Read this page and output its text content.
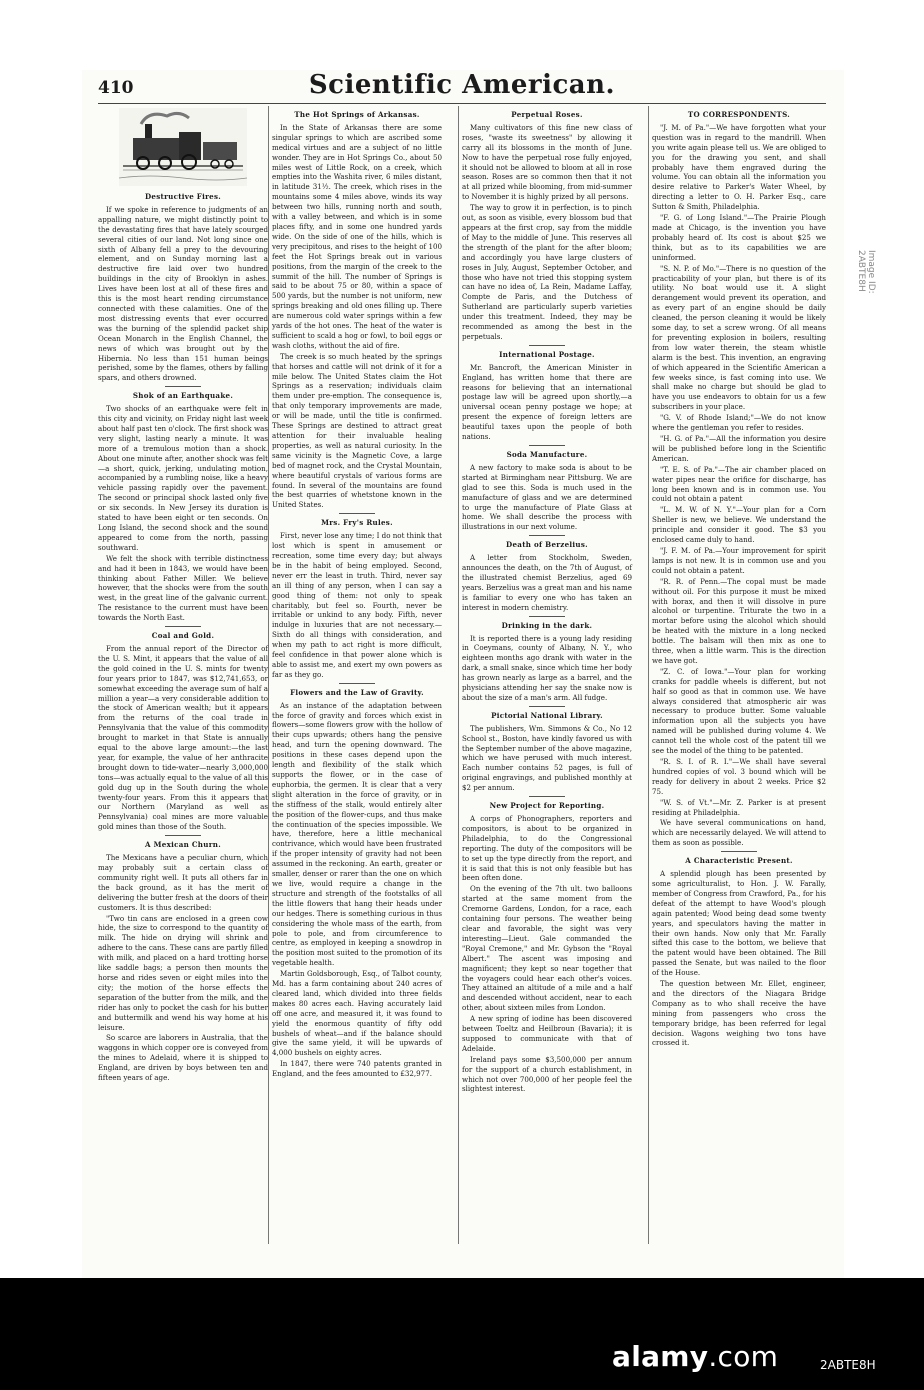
410	Scientific American.
Destructive Fires.

If we spoke in reference to judgments of an appalling nature, we might distinctly point to the devastating fires that have lately scourged several cities of our land. Not long since one sixth of Albany fell a prey to the devouring element, and on Sunday morning last a destructive fire laid over two hundred buildings in the city of Brooklyn in ashes. Lives have been lost at all of these fires and this is the most heart rending circumstance connected with these calamities. One of the most distressing events that ever occurred was the burning of the splendid packet ship Ocean Monarch in the English Channel, the news of which was brought out by the Hibernia. No less than 151 human beings perished, some by the flames, others by falling spars, and others drowned.

Shok of an Earthquake.

Two shocks of an earthquake were felt in this city and vicinity, on Friday night last week about half past ten o'clock. The first shock was very slight, lasting nearly a minute. It was more of a tremulous motion than a shock. About one minute after, another shock was felt—a short, quick, jerking, undulating motion, accompanied by a rumbling noise, like a heavy vehicle passing rapidly over the pavement. The second or principal shock lasted only five or six seconds. In New Jersey its duration is stated to have been eight or ten seconds. On Long Island, the second shock and the sound appeared to come from the north, passing southward.

We felt the shock with terrible distinctness and had it been in 1843, we would have been thinking about Father Miller. We believe however, that the shocks were from the south west, in the great line of the galvanic current. The resistance to the current must have been towards the North East.

Coal and Gold.

From the annual report of the Director of the U. S. Mint, it appears that the value of all the gold coined in the U. S. mints for twenty four years prior to 1847, was $12,741,653, or somewhat exceeding the average sum of half a million a year—a very considerable addition to the stock of American wealth; but it appears from the returns of the coal trade in Pennsylvania that the value of this commodity brought to market in that State is annually equal to the above large amount:—the last year, for example, the value of her anthracite brought down to tide-water—nearly 3,000,000 tons—was actually equal to the value of all this gold dug up in the South during the whole twenty-four years. From this it appears that our Northern (Maryland as well as Pennsylvania) coal mines are more valuable gold mines than those of the South.

A Mexican Churn.

The Mexicans have a peculiar churn, which may probably suit a certain class of community right well. It puts all others far in the back ground, as it has the merit of delivering the butter fresh at the doors of their customers. It is thus described:

"Two tin cans are enclosed in a green cow hide, the size to correspond to the quantity of milk. The hide on drying will shrink and adhere to the cans. These cans are partly filled with milk, and placed on a hard trotting horse like saddle bags; a person then mounts the horse and rides seven or eight miles into the city; the motion of the horse effects the separation of the butter from the milk, and the rider has only to pocket the cash for his butter and buttermilk and wend his way home at his leisure.

So scarce are laborers in Australia, that the waggons in which copper ore is conveyed from the mines to Adelaid, where it is shipped to England, are driven by boys between ten and fifteen years of age.

The Hot Springs of Arkansas.

In the State of Arkansas there are some singular springs to which are ascribed some medical virtues and are a subject of no little wonder. They are in Hot Springs Co., about 50 miles west of Little Rock, on a creek, which empties into the Washita river, 6 miles distant, in latitude 31½. The creek, which rises in the mountains some 4 miles above, winds its way between two hills, running north and south, with a valley between, and which is in some places fifty, and in some one hundred yards wide. On the side of one of the hills, which is very precipitous, and rises to the height of 100 feet the Hot Springs break out in various positions, from the margin of the creek to the summit of the hill. The number of Springs is said to be about 75 or 80, within a space of 500 yards, but the number is not uniform, new springs breaking and old ones filling up. There are numerous cold water springs within a few yards of the hot ones. The heat of the water is sufficient to scald a hog or fowl, to boil eggs or wash cloths, without the aid of fire.

The creek is so much heated by the springs that horses and cattle will not drink of it for a mile below. The United States claim the Hot Springs as a reservation; individuals claim them under pre-emption. The consequence is, that only temporary improvements are made, or will be made, until the title is confirmed. These Springs are destined to attract great attention for their invaluable healing properties, as well as natural curiosity. In the same vicinity is the Magnetic Cove, a large bed of magnet rock, and the Crystal Mountain, where beautiful crystals of various forms are found. In several of the mountains are found the best quarries of whetstone known in the United States.

Mrs. Fry's Rules.

First, never lose any time; I do not think that lost which is spent in amusement or recreation, some time every day; but always be in the habit of being employed. Second, never err the least in truth. Third, never say an ill thing of any person, when I can say a good thing of them: not only to speak charitably, but feel so. Fourth, never be irritable or unkind to any body. Fifth, never indulge in luxuries that are not necessary.—Sixth do all things with consideration, and when my path to act right is more difficult, feel confidence in that power alone which is able to assist me, and exert my own powers as far as they go.

Flowers and the Law of Gravity.

As an instance of the adaptation between the force of gravity and forces which exist in flowers—some flowers grow with the hollow of their cups upwards; others hang the pensive head, and turn the opening downward. The positions in these cases depend upon the length and flexibility of the stalk which supports the flower, or in the case of euphorbia, the germen. It is clear that a very slight alteration in the force of gravity, or in the stiffness of the stalk, would entirely alter the position of the flower-cups, and thus make the continuation of the species impossible. We have, therefore, here a little mechanical contrivance, which would have been frustrated if the proper intensity of gravity had not been assumed in the reckoning. An earth, greater or smaller, denser or rarer than the one on which we live, would require a change in the structure and strength of the footstalks of all the little flowers that hang their heads under our hedges. There is something curious in thus considering the whole mass of the earth, from pole to pole, and from circumference to centre, as employed in keeping a snowdrop in the position most suited to the promotion of its vegetable health.

Martin Goldsborough, Esq., of Talbot county, Md. has a farm containing about 240 acres of cleared land, which divided into three fields makes 80 acres each. Having accurately laid off one acre, and measured it, it was found to yield the enormous quantity of fifty odd bushels of wheat—and if the balance should give the same yield, it will be upwards of 4,000 bushels on eighty acres.

In 1847, there were 740 patents granted in England, and the fees amounted to £32,977.

Perpetual Roses.

Many cultivators of this fine new class of roses, "waste its sweetness" by allowing it carry all its blossoms in the month of June. Now to have the perpetual rose fully enjoyed, it should not be allowed to bloom at all in rose season. Roses are so common then that it not at all prized while blooming, from mid-summer to November it is highly prized by all persons.

The way to grow it in perfection, is to pinch out, as soon as visible, every blossom bud that appears at the first crop, say from the middle of May to the middle of June. This reserves all the strength of the plant for the after bloom; and accordingly you have large clusters of roses in July, August, September October, and those who have not tried this stopping system can have no idea of, La Rein, Madame Laffay, Compte de Paris, and the Dutchess of Sutherland are particularly superb varieties under this treatment. Indeed, they may be recommended as among the best in the perpetuals.

International Postage.

Mr. Bancroft, the American Minister in England, has written home that there are reasons for believing that an international postage law will be agreed upon shortly,—a universal ocean penny postage we hope; at present the expence of foreign letters are beautiful taxes upon the people of both nations.

Soda Manufacture.

A new factory to make soda is about to be started at Birmingham near Pittsburg. We are glad to see this. Soda is much used in the manufacture of glass and we are determined to urge the manufacture of Plate Glass at home. We shall describe the process with illustrations in our next volume.

Death of Berzelius.

A letter from Stockholm, Sweden, announces the death, on the 7th of August, of the illustrated chemist Berzelius, aged 69 years. Berzelius was a great man and his name is familiar to every one who has taken an interest in modern chemistry.

Drinking in the dark.

It is reported there is a young lady residing in Coeymans, county of Albany, N. Y., who eighteen months ago drank with water in the dark, a small snake, since which time her body has grown nearly as large as a barrel, and the physicians attending her say the snake now is about the size of a man's arm. All fudge.

Pictorial National Library.

The publishers, Wm. Simmons & Co., No 12 School st., Boston, have kindly favored us with the September number of the above magazine, which we have perused with much interest. Each number contains 52 pages, is full of original engravings, and published monthly at $2 per annum.

New Project for Reporting.

A corps of Phonographers, reporters and compositors, is about to be organized in Philadelphia, to do the Congressional reporting. The duty of the compositors will be to set up the type directly from the report, and it is said that this is not only feasible but has been often done.

On the evening of the 7th ult. two balloons started at the same moment from the Cremorne Gardens, London, for a race, each containing four persons. The weather being clear and favorable, the sight was very interesting—Lieut. Gale commanded the "Royal Cremone," and Mr. Gybson the "Royal Albert." The ascent was imposing and magnificent; they kept so near together that the voyagers could hear each other's voices. They attained an altitude of a mile and a half and descended without accident, near to each other, about sixteen miles from London.

A new spring of iodine has been discovered between Toeltz and Heilbroun (Bavaria); it is supposed to communicate with that of Adelaide.

Ireland pays some $3,500,000 per annum for the support of a church establishment, in which not over 700,000 of her people feel the slightest interest.

TO CORRESPONDENTS.

"J. M. of Pa."—We have forgotten what your question was in regard to the mandrill. When you write again please tell us. We are obliged to you for the drawing you sent, and shall probably have them engraved during the volume. You can obtain all the information you desire relative to Parker's Water Wheel, by directing a letter to O. H. Parker Esq., care Sutton & Smith, Philadelphia.

"F. G. of Long Island."—The Prairie Plough made at Chicago, is the invention you have probably heard of. Its cost is about $25 we think, but as to its capabilities we are uninformed.

"S. N. P. of Mo."—There is no question of the practicability of your plan, but there is of its utility. No boat would use it. A slight derangement would prevent its operation, and as every part of an engine should be daily cleaned, the person cleaning it would be likely some day, to set a screw wrong. Of all means for preventing explosion in boilers, resulting from low water therein, the steam whistle alarm is the best. This invention, an engraving of which appeared in the Scientific American a few weeks since, is fast coming into use. We shall make no charge but should be glad to have you use endeavors to obtain for us a few subscribers in your place.

"G. V. of Rhode Island;"—We do not know where the gentleman you refer to resides.

"H. G. of Pa."—All the information you desire will be published before long in the Scientific American.

"T. E. S. of Pa."—The air chamber placed on water pipes near the orifice for discharge, has long been known and is in common use. You could not obtain a patent

"L. M. W. of N. Y."—Your plan for a Corn Sheller is new, we believe. We understand the principle and consider it good. The $3 you enclosed came duly to hand.

"J. F. M. of Pa.—Your improvement for spirit lamps is not new. It is in common use and you could not obtain a patent.

"R. R. of Penn.—The copal must be made without oil. For this purpose it must be mixed with borax, and then it will dissolve in pure alcohol or turpentine. Triturate the two in a mortar before using the alcohol which should be heated with the mixture in a long necked bottle. The balsam will then mix as one to three, when a little warm. This is the direction we have got.

"Z. C. of Iowa."—Your plan for working cranks for paddle wheels is different, but not half so good as that in common use. We have always considered that atmospheric air was necessary to produce butter. Some valuable information upon all the subjects you have named will be published during volume 4. We cannot tell the whole cost of the patent till we see the model of the thing to be patented.

"R. S. I. of R. I."—We shall have several hundred copies of vol. 3 bound which will be ready for delivery in about 2 weeks. Price $2 75.

"W. S. of Vt."—Mr. Z. Parker is at present residing at Philadelphia.

We have several communications on hand, which are necessarily delayed. We will attend to them as soon as possible.

A Characteristic Present.

A splendid plough has been presented by some agriculturalist, to Hon. J. W. Farally, member of Congress from Crawford, Pa., for his defeat of the attempt to have Wood's plough again patented; Wood being dead some twenty years, and speculators having the matter in their own hands. Now only that Mr. Farally sifted this case to the bottom, we believe that the patent would have been obtained. The Bill passed the Senate, but was nailed to the floor of the House.

The question between Mr. Ellet, engineer, and the directors of the Niagara Bridge Company as to who shall receive the have mining from passengers who cross the temporary bridge, has been referred for legal decision. Wagons weighing two tons have crossed it.

alamy.com	2ABTE8H
Image ID: 2ABTE8H
